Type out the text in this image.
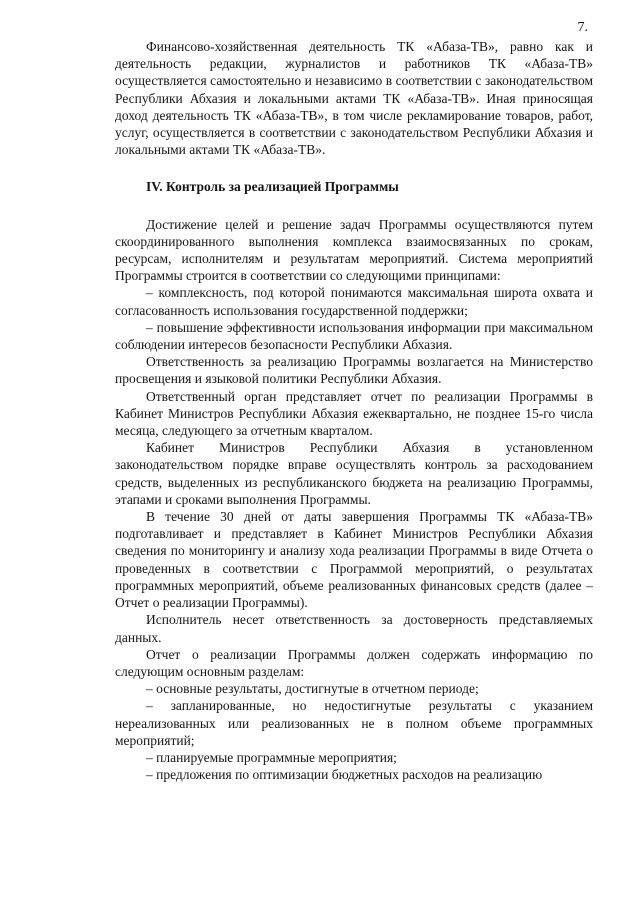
7.

Финансово-хозяйственная деятельность ТК «Абаза-ТВ», равно как и деятельность редакции, журналистов и работников ТК «Абаза-ТВ» осуществляется самостоятельно и независимо в соответствии с законодательством Республики Абхазия и локальными актами ТК «Абаза-ТВ». Иная приносящая доход деятельность ТК «Абаза-ТВ», в том числе рекламирование товаров, работ, услуг, осуществляется в соответствии с законодательством Республики Абхазия и локальными актами ТК «Абаза-ТВ».

IV. Контроль за реализацией Программы

Достижение целей и решение задач Программы осуществляются путем скоординированного выполнения комплекса взаимосвязанных по срокам, ресурсам, исполнителям и результатам мероприятий. Система мероприятий Программы строится в соответствии со следующими принципами:

– комплексность, под которой понимаются максимальная широта охвата и согласованность использования государственной поддержки;

– повышение эффективности использования информации при максимальном соблюдении интересов безопасности Республики Абхазия.

Ответственность за реализацию Программы возлагается на Министерство просвещения и языковой политики Республики Абхазия.

Ответственный орган представляет отчет по реализации Программы в Кабинет Министров Республики Абхазия ежеквартально, не позднее 15-го числа месяца, следующего за отчетным кварталом.

Кабинет Министров Республики Абхазия в установленном законодательством порядке вправе осуществлять контроль за расходованием средств, выделенных из республиканского бюджета на реализацию Программы, этапами и сроками выполнения Программы.

В течение 30 дней от даты завершения Программы ТК «Абаза-ТВ» подготавливает и представляет в Кабинет Министров Республики Абхазия сведения по мониторингу и анализу хода реализации Программы в виде Отчета о проведенных в соответствии с Программой мероприятий, о результатах программных мероприятий, объеме реализованных финансовых средств (далее – Отчет о реализации Программы).

Исполнитель несет ответственность за достоверность представляемых данных.

Отчет о реализации Программы должен содержать информацию по следующим основным разделам:

– основные результаты, достигнутые в отчетном периоде;

– запланированные, но недостигнутые результаты с указанием нереализованных или реализованных не в полном объеме программных мероприятий;

– планируемые программные мероприятия;

– предложения по оптимизации бюджетных расходов на реализацию
